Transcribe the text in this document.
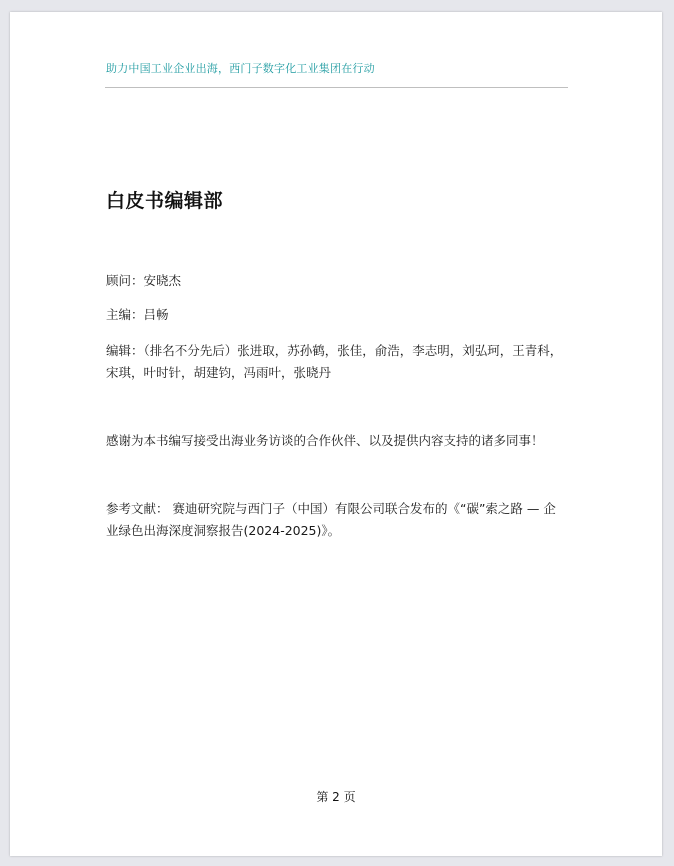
助力中国工业企业出海，西门子数字化工业集团在行动
白皮书编辑部
顾问：安晓杰
主编：吕畅
编辑：（排名不分先后）张进取，苏孙鹤，张佳，俞浩，李志明，刘弘珂，王青科，宋琪，叶时针，胡建钧，冯雨叶，张晓丹
感谢为本书编写接受出海业务访谈的合作伙伴、以及提供内容支持的诸多同事！
参考文献： 赛迪研究院与西门子（中国）有限公司联合发布的《“碳”索之路 — 企业绿色出海深度洞察报告(2024-2025)》。
第 2 页
